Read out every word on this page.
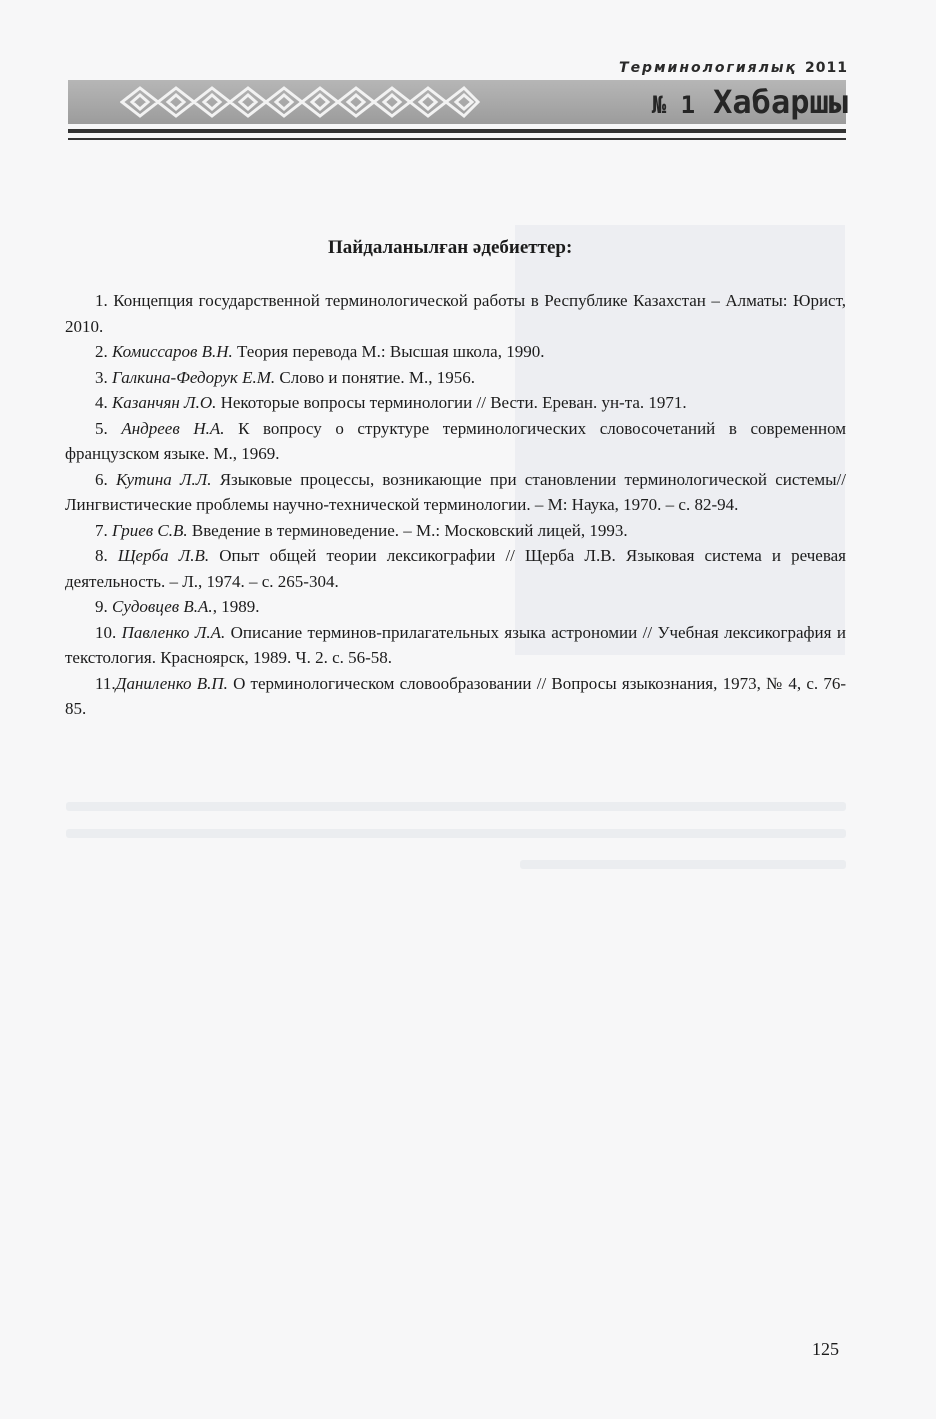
Терминологиялық 2011
№ 1 Хабаршы
Пайдаланылған әдебиеттер:

1. Концепция государственной терминологической работы в Республике Казахстан – Алматы: Юрист, 2010.

2. Комиссаров В.Н. Теория перевода М.: Высшая школа, 1990.

3. Галкина-Федорук Е.М. Слово и понятие. М., 1956.

4. Казанчян Л.О. Некоторые вопросы терминологии // Вести. Ереван. ун-та. 1971.

5. Андреев Н.А. К вопросу о структуре терминологических словосочетаний в современном французском языке. М., 1969.

6. Кутина Л.Л. Языковые процессы, возникающие при становлении терминологической системы// Лингвистические проблемы научно-технической терминологии. – М: Наука, 1970. – с. 82-94.

7. Гриев С.В. Введение в терминоведение. – М.: Московский лицей, 1993.

8. Щерба Л.В. Опыт общей теории лексикографии // Щерба Л.В. Языковая система и речевая деятельность. – Л., 1974. – с. 265-304.

9. Судовцев В.А., 1989.

10. Павленко Л.А. Описание терминов-прилагательных языка астрономии // Учебная лексикография и текстология. Красноярск, 1989. Ч. 2. с. 56-58.

11.Даниленко В.П. О терминологическом словообразовании // Вопросы языкознания, 1973, № 4, с. 76-85.

125
